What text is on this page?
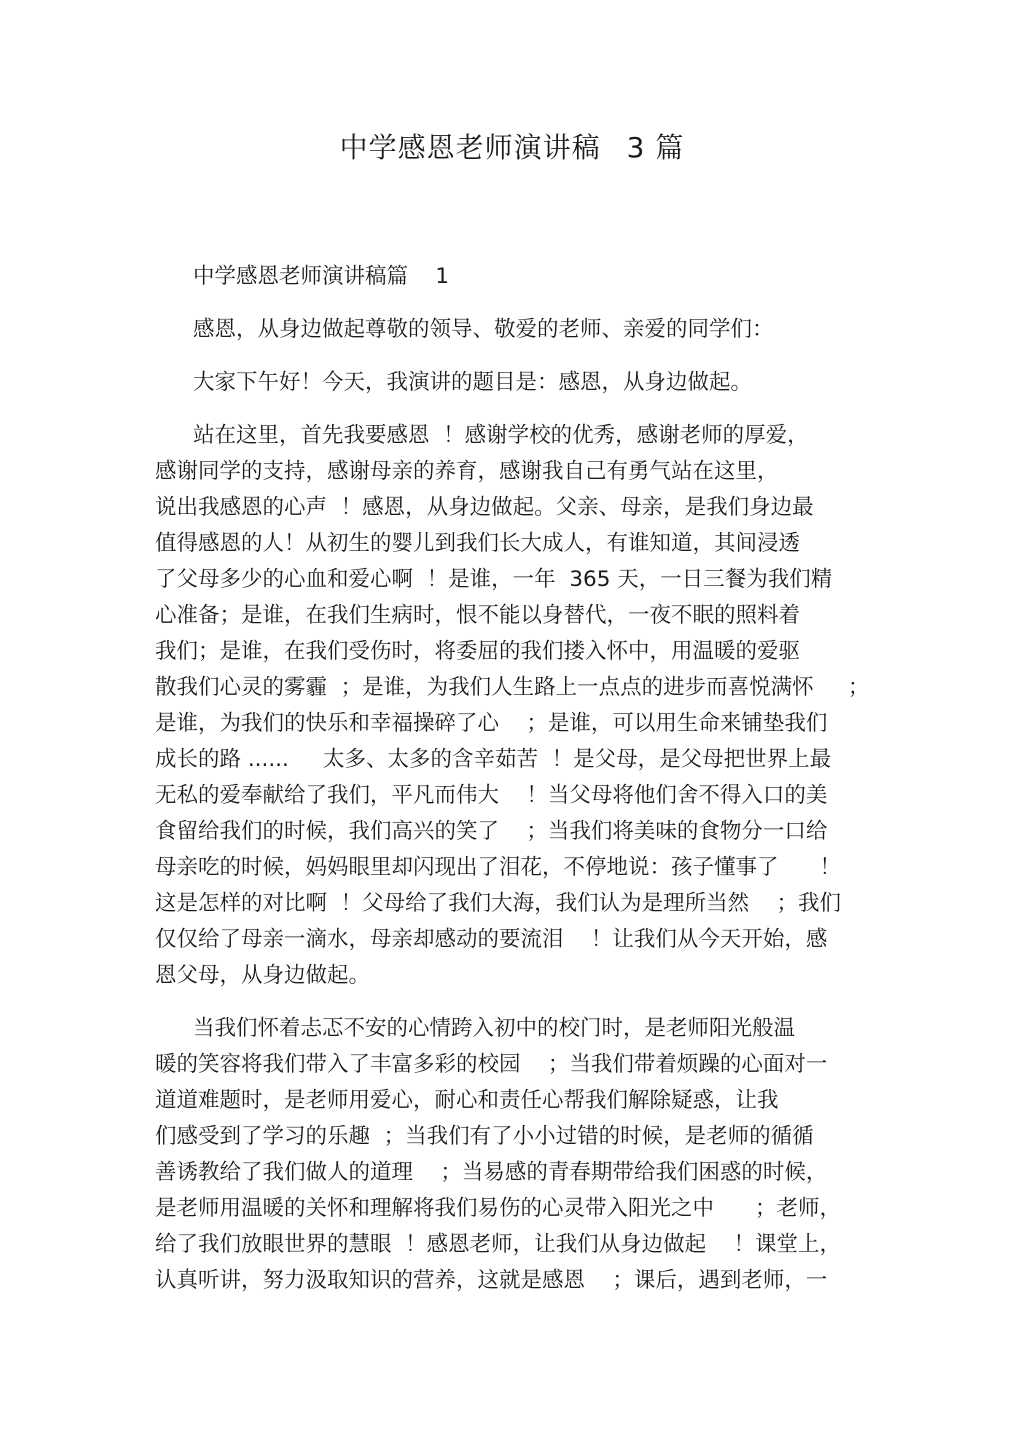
中学感恩老师演讲稿 3 篇

中学感恩老师演讲稿篇    1

感恩，从身边做起尊敬的领导、敬爱的老师、亲爱的同学们：

大家下午好！今天，我演讲的题目是：感恩，从身边做起。

站在这里，首先我要感恩  ！感谢学校的优秀，感谢老师的厚爱，

感谢同学的支持，感谢母亲的养育，感谢我自己有勇气站在这里，

说出我感恩的心声  ！感恩，从身边做起。父亲、母亲，是我们身边最

值得感恩的人！从初生的婴儿到我们长大成人，有谁知道，其间浸透

了父母多少的心血和爱心啊  ！是谁，一年  365 天，一日三餐为我们精

心准备；是谁，在我们生病时，恨不能以身替代，一夜不眠的照料着

我们；是谁，在我们受伤时，将委屈的我们搂入怀中，用温暖的爱驱

散我们心灵的雾霾  ；是谁，为我们人生路上一点点的进步而喜悦满怀     ；

是谁，为我们的快乐和幸福操碎了心    ；是谁，可以用生命来铺垫我们

成长的路 ......     太多、太多的含辛茹苦  ！是父母，是父母把世界上最

无私的爱奉献给了我们，平凡而伟大    ！当父母将他们舍不得入口的美

食留给我们的时候，我们高兴的笑了    ；当我们将美味的食物分一口给

母亲吃的时候，妈妈眼里却闪现出了泪花，不停地说：孩子懂事了      ！

这是怎样的对比啊  ！父母给了我们大海，我们认为是理所当然    ；我们

仅仅给了母亲一滴水，母亲却感动的要流泪    ！让我们从今天开始，感

恩父母，从身边做起。

当我们怀着忐忑不安的心情跨入初中的校门时，是老师阳光般温

暖的笑容将我们带入了丰富多彩的校园    ；当我们带着烦躁的心面对一

道道难题时，是老师用爱心，耐心和责任心帮我们解除疑惑，让我

们感受到了学习的乐趣  ；当我们有了小小过错的时候，是老师的循循

善诱教给了我们做人的道理    ；当易感的青春期带给我们困惑的时候，

是老师用温暖的关怀和理解将我们易伤的心灵带入阳光之中      ；老师，

给了我们放眼世界的慧眼  ！感恩老师，让我们从身边做起    ！课堂上，

认真听讲，努力汲取知识的营养，这就是感恩    ；课后，遇到老师，一
